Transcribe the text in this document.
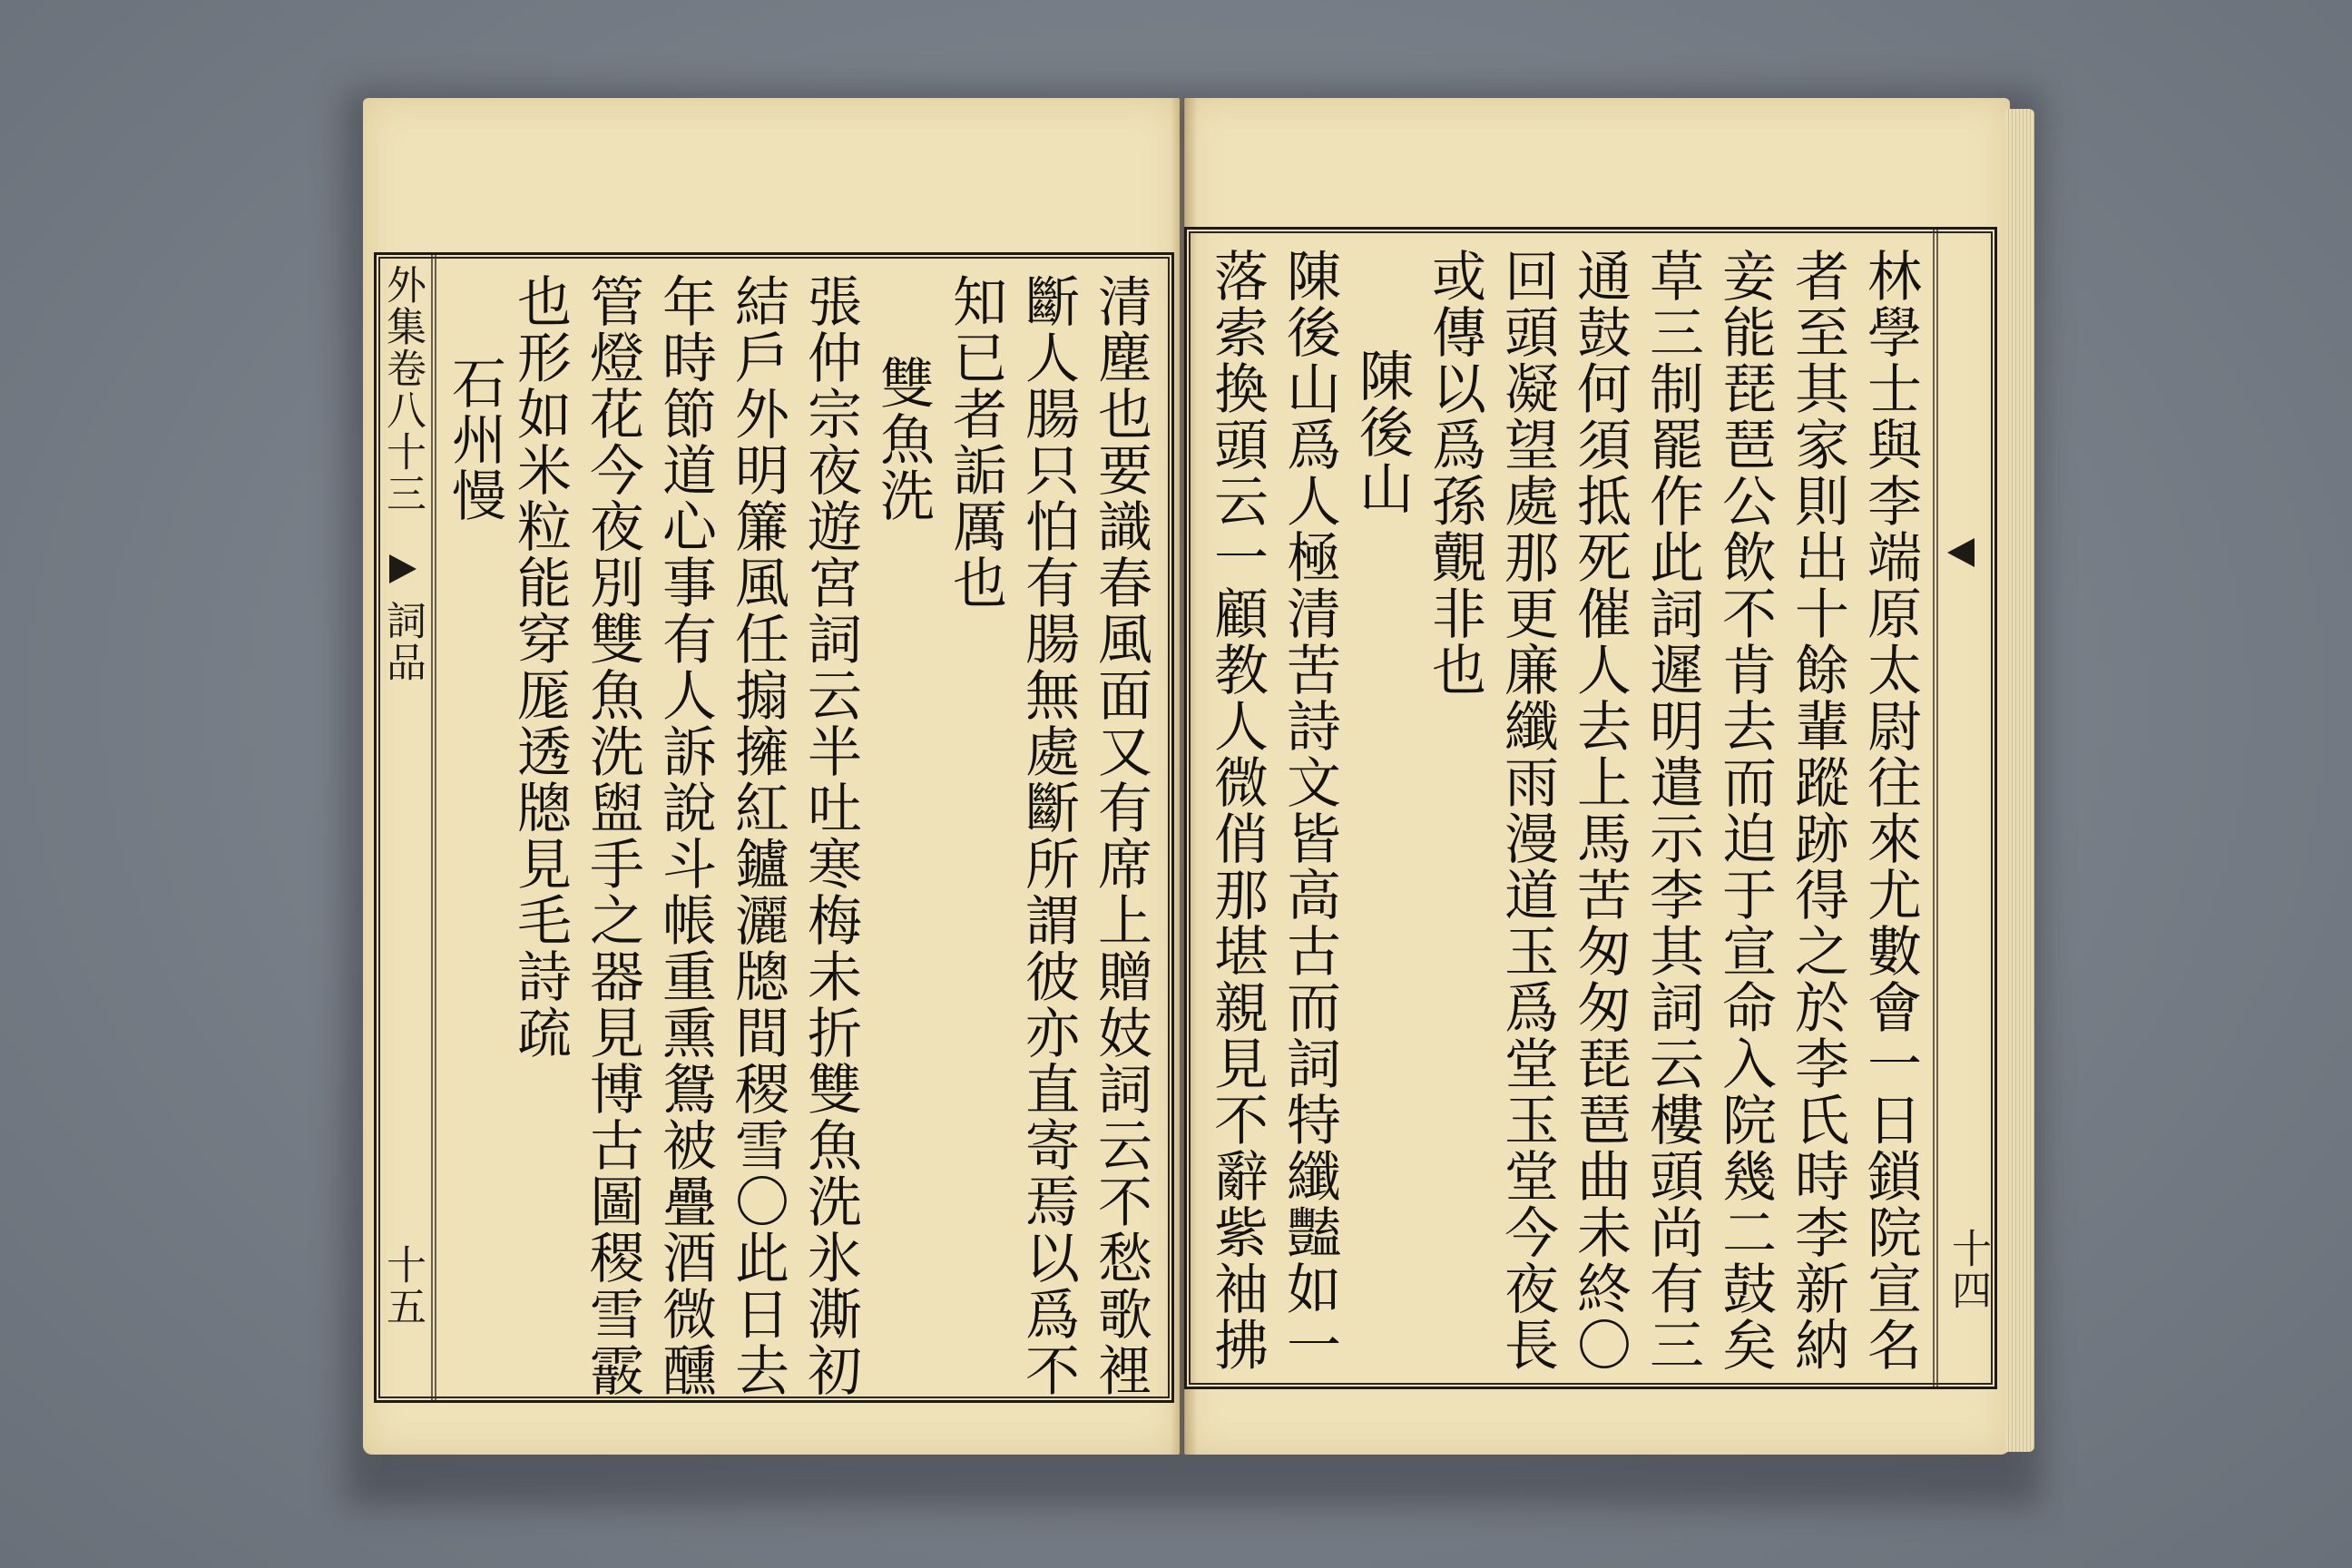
外集卷八十三
詞品
十五	清塵也要識春風面又有席上贈妓詞云不愁歌裡
斷人腸只怕有腸無處斷所謂彼亦直寄焉以爲不
知已者詬厲也
雙魚洗
張仲宗夜遊宮詞云半吐寒梅未折雙魚洗氷澌初
結戶外明簾風任搧擁紅鑪灑牕間稷雪〇此日去
年時節道心事有人訴說斗帳重熏鴛被疊酒微醺
管燈花今夜別雙魚洗盥手之器見博古圖稷雪霰
也形如米粒能穿厖透牕見毛詩疏
石州慢
十四
林學士與李端原太尉往來尤數會一日鎖院宣名
者至其家則出十餘輩蹤跡得之於李氏時李新納
妾能琵琶公飲不肯去而迫于宣命入院幾二鼓矣
草三制罷作此詞遲明遣示李其詞云樓頭尚有三
通鼓何須抵死催人去上馬苦匆匆琵琶曲未終〇
回頭凝望處那更廉纖雨漫道玉爲堂玉堂今夜長
或傳以爲孫覿非也
陳後山
陳後山爲人極清苦詩文皆高古而詞特纖豔如一
落索換頭云一顧教人微俏那堪親見不辭紫袖拂
